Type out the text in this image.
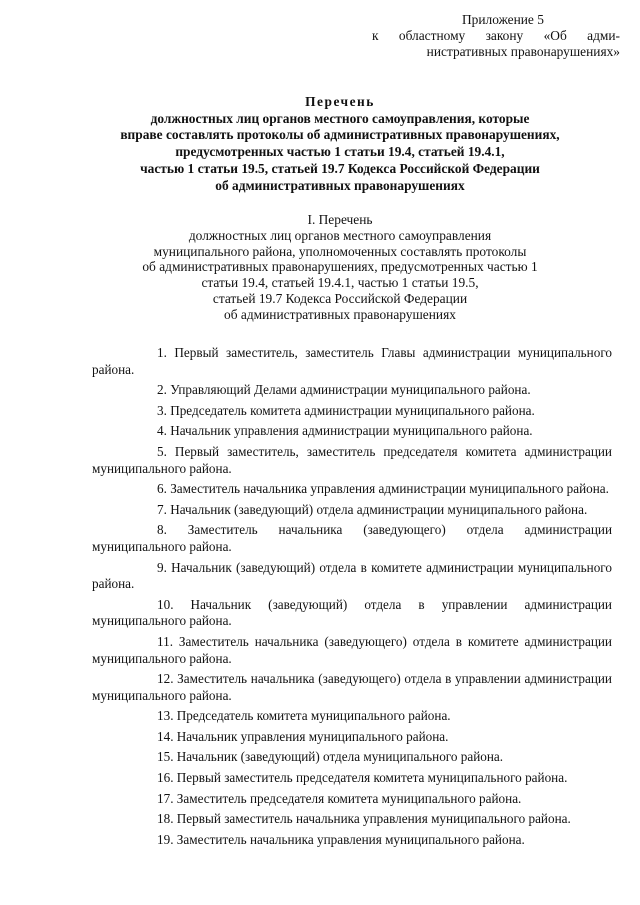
Приложение 5
к областному закону «Об адми-
нистративных правонарушениях»
Перечень
должностных лиц органов местного самоуправления, которые
вправе составлять протоколы об административных правонарушениях,
предусмотренных частью 1 статьи 19.4, статьей 19.4.1,
частью 1 статьи 19.5, статьей 19.7 Кодекса Российской Федерации
об административных правонарушениях
I. Перечень
должностных лиц органов местного самоуправления
муниципального района, уполномоченных составлять протоколы
об административных правонарушениях, предусмотренных частью 1
статьи 19.4, статьей 19.4.1, частью 1 статьи 19.5,
статьей 19.7 Кодекса Российской Федерации
об административных правонарушениях

1. Первый заместитель, заместитель Главы администрации муниципального района.

2. Управляющий Делами администрации муниципального района.

3. Председатель комитета администрации муниципального района.

4. Начальник управления администрации муниципального района.

5. Первый заместитель, заместитель председателя комитета администрации муниципального района.

6. Заместитель начальника управления администрации муниципального района.

7. Начальник (заведующий) отдела администрации муниципального района.

8. Заместитель начальника (заведующего) отдела администрации муниципального района.

9. Начальник (заведующий) отдела в комитете администрации муниципального района.

10. Начальник (заведующий) отдела в управлении администрации муниципального района.

11. Заместитель начальника (заведующего) отдела в комитете администрации муниципального района.

12. Заместитель начальника (заведующего) отдела в управлении администрации муниципального района.

13. Председатель комитета муниципального района.

14. Начальник управления муниципального района.

15. Начальник (заведующий) отдела муниципального района.

16. Первый заместитель председателя комитета муниципального района.

17. Заместитель председателя комитета муниципального района.

18. Первый заместитель начальника управления муниципального района.

19. Заместитель начальника управления муниципального района.
